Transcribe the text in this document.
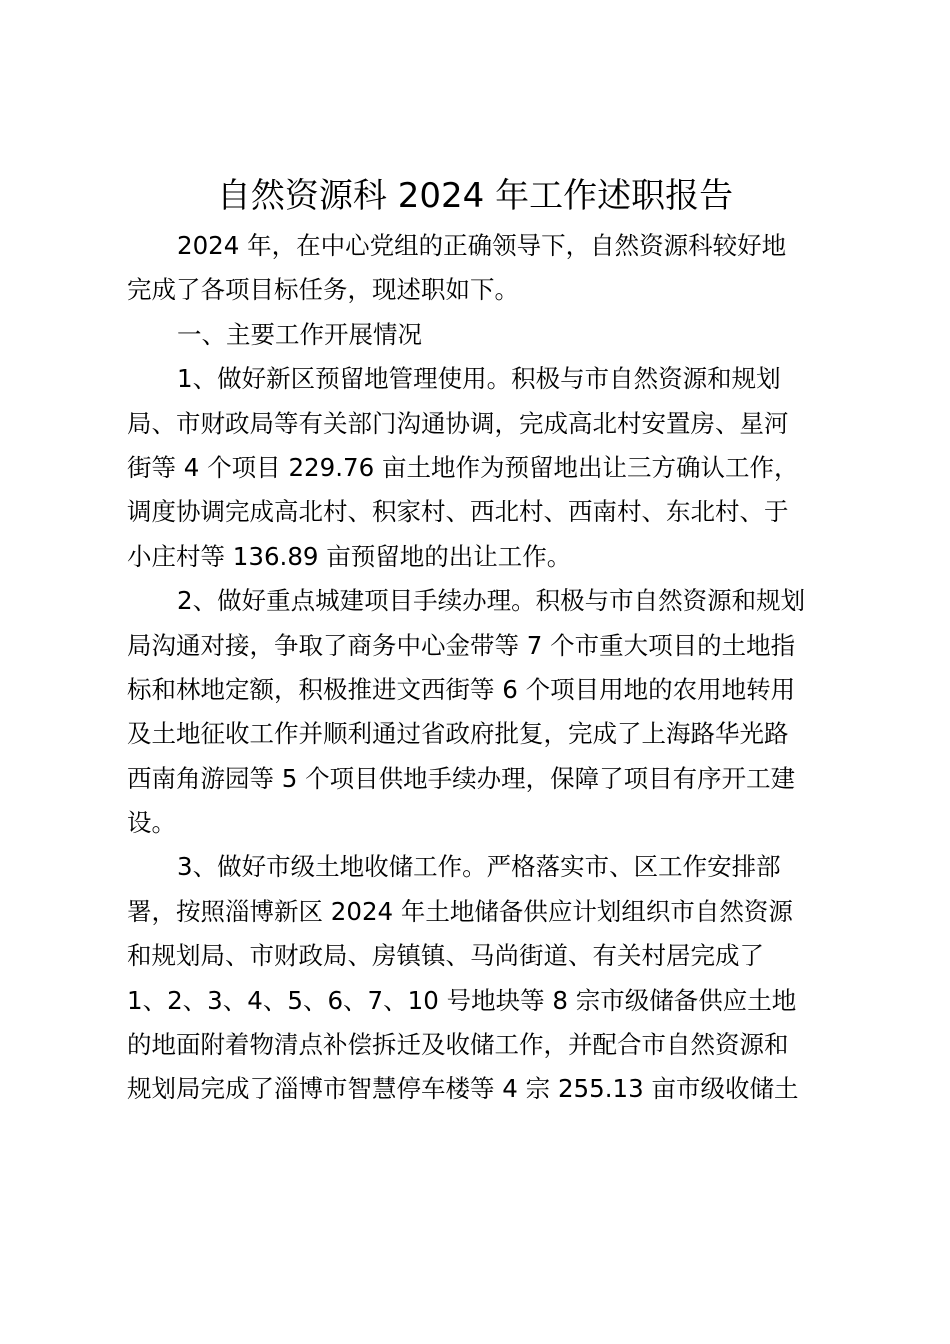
自然资源科 2024 年工作述职报告
2024 年，在中心党组的正确领导下，自然资源科较好地
完成了各项目标任务，现述职如下。
一、主要工作开展情况
1、做好新区预留地管理使用。积极与市自然资源和规划
局、市财政局等有关部门沟通协调，完成高北村安置房、星河
街等 4 个项目 229.76 亩土地作为预留地出让三方确认工作，
调度协调完成高北村、积家村、西北村、西南村、东北村、于
小庄村等 136.89 亩预留地的出让工作。
2、做好重点城建项目手续办理。积极与市自然资源和规划
局沟通对接，争取了商务中心金带等 7 个市重大项目的土地指
标和林地定额，积极推进文西街等 6 个项目用地的农用地转用
及土地征收工作并顺利通过省政府批复，完成了上海路华光路
西南角游园等 5 个项目供地手续办理，保障了项目有序开工建
设。
3、做好市级土地收储工作。严格落实市、区工作安排部
署，按照淄博新区 2024 年土地储备供应计划组织市自然资源
和规划局、市财政局、房镇镇、马尚街道、有关村居完成了
1、2、3、4、5、6、7、10 号地块等 8 宗市级储备供应土地
的地面附着物清点补偿拆迁及收储工作，并配合市自然资源和
规划局完成了淄博市智慧停车楼等 4 宗 255.13 亩市级收储土
